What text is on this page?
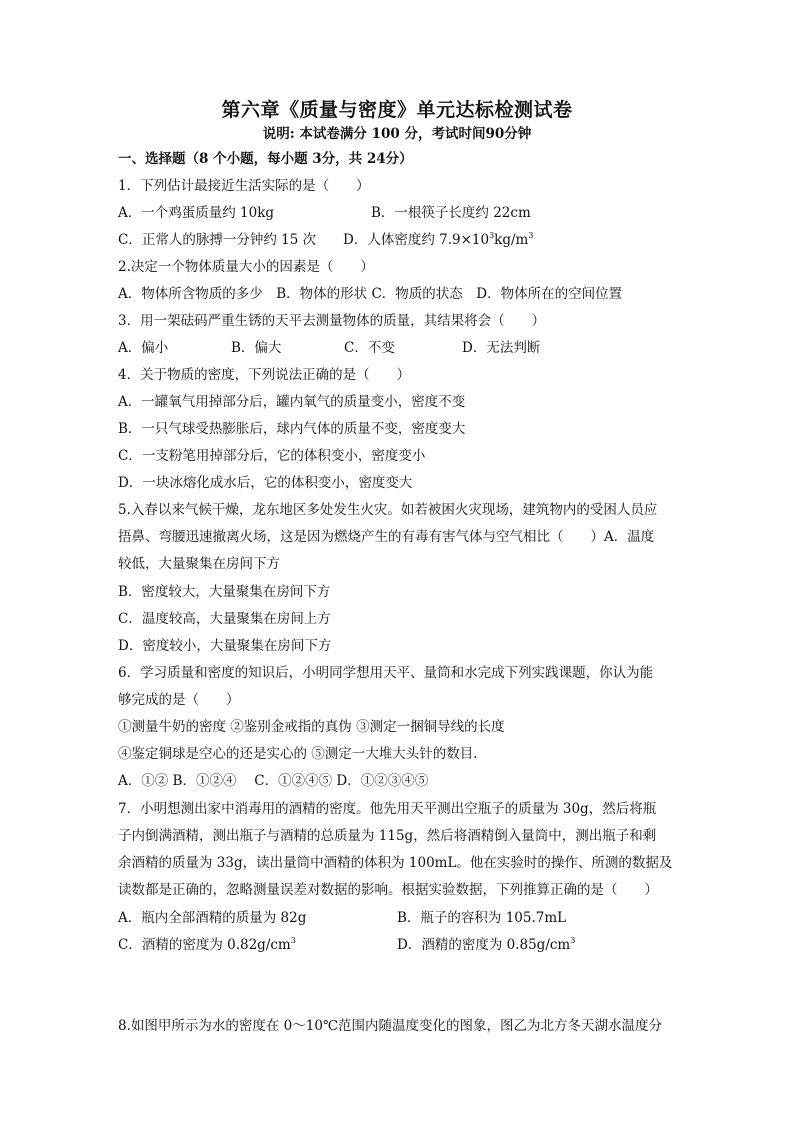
第六章《质量与密度》单元达标检测试卷
说明: 本试卷满分 100 分，考试时间90分钟
一、选择题（8 个小题，每小题 3分，共 24分）
1．下列估计最接近生活实际的是（　　）
A．一个鸡蛋质量约 10kg	B．一根筷子长度约 22cm
C．正常人的脉搏一分钟约 15 次 D．人体密度约 $7.9\times 10^3kg/m^3$
2.决定一个物体质量大小的因素是（　　）
A．物体所含物质的多少　B．物体的形状 C．物质的状态　D．物体所在的空间位置
3．用一架砝码严重生锈的天平去测量物体的质量，其结果将会（　　）
A．偏小	B．偏大	C．不变	D．无法判断
4．关于物质的密度，下列说法正确的是（　　）
A．一罐氧气用掉部分后，罐内氧气的质量变小，密度不变
B．一只气球受热膨胀后，球内气体的质量不变，密度变大
C．一支粉笔用掉部分后，它的体积变小，密度变小
D．一块冰熔化成水后，它的体积变小，密度变大
5.入春以来气候干燥，龙东地区多处发生火灾。如若被困火灾现场，建筑物内的受困人员应
捂鼻、弯腰迅速撤离火场，这是因为燃烧产生的有毒有害气体与空气相比（　　）A．温度
较低，大量聚集在房间下方
B．密度较大，大量聚集在房间下方
C．温度较高，大量聚集在房间上方
D．密度较小，大量聚集在房间下方
6．学习质量和密度的知识后，小明同学想用天平、量筒和水完成下列实践课题，你认为能
够完成的是（　　）
①测量牛奶的密度 ②鉴别金戒指的真伪 ③测定一捆铜导线的长度
④鉴定铜球是空心的还是实心的 ⑤测定一大堆大头针的数目.
A．①② B．①②④　 C．①②④⑤ D．①②③④⑤
7．小明想测出家中消毒用的酒精的密度。他先用天平测出空瓶子的质量为 30g，然后将瓶
子内倒满酒精，测出瓶子与酒精的总质量为 115g，然后将酒精倒入量筒中，测出瓶子和剩
余酒精的质量为 33g，读出量筒中酒精的体积为 100mL。他在实验时的操作、所测的数据及
读数都是正确的，忽略测量误差对数据的影响。根据实验数据，下列推算正确的是（　　）
A．瓶内全部酒精的质量为 82g	B．瓶子的容积为 105.7mL
C．酒精的密度为 $0.82g/cm^3$	D．酒精的密度为 $0.85g/cm^3$
8.如图甲所示为水的密度在 0～10℃范围内随温度变化的图象，图乙为北方冬天湖水温度分
